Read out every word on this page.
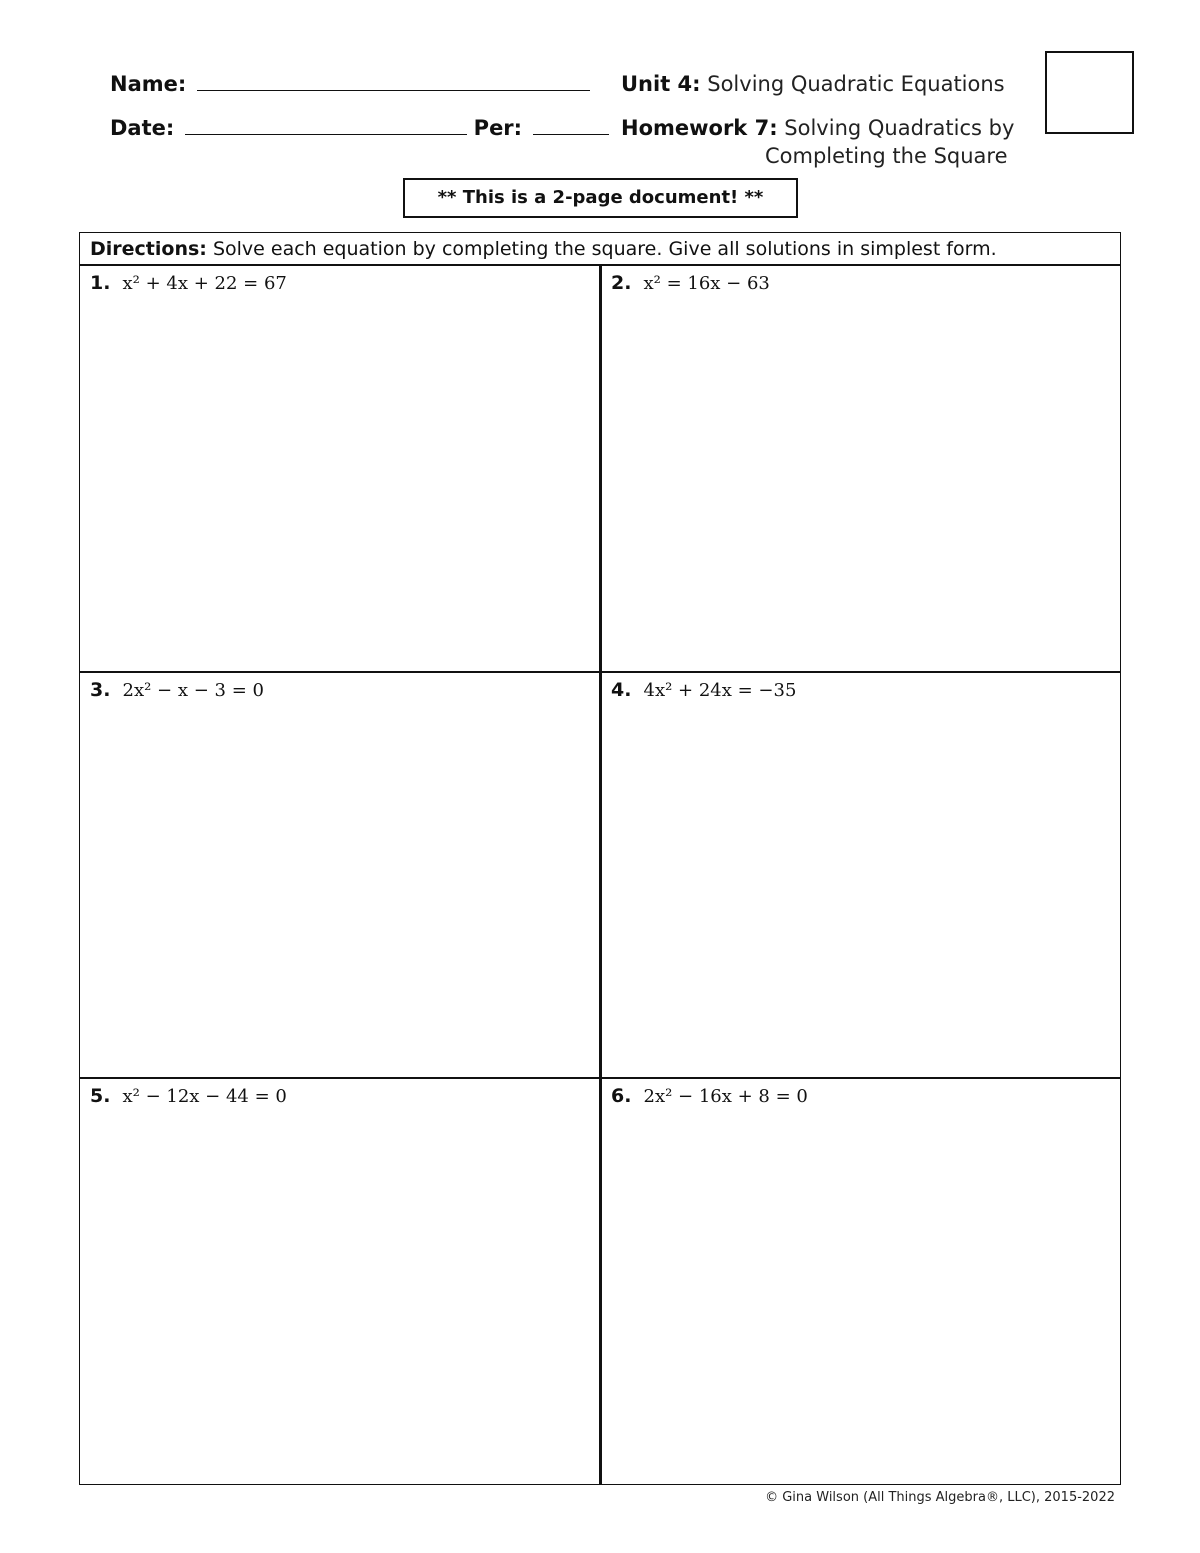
Name:
Date:	Per:
Unit 4: Solving Quadratic Equations
Homework 7: Solving Quadratics by
Completing the Square
** This is a 2-page document! **
Directions: Solve each equation by completing the square. Give all solutions in simplest form.
1. x² + 4x + 22 = 67	2. x² = 16x − 63
3. 2x² − x − 3 = 0	4. 4x² + 24x = −35
5. x² − 12x − 44 = 0	6. 2x² − 16x + 8 = 0
© Gina Wilson (All Things Algebra®, LLC), 2015-2022
